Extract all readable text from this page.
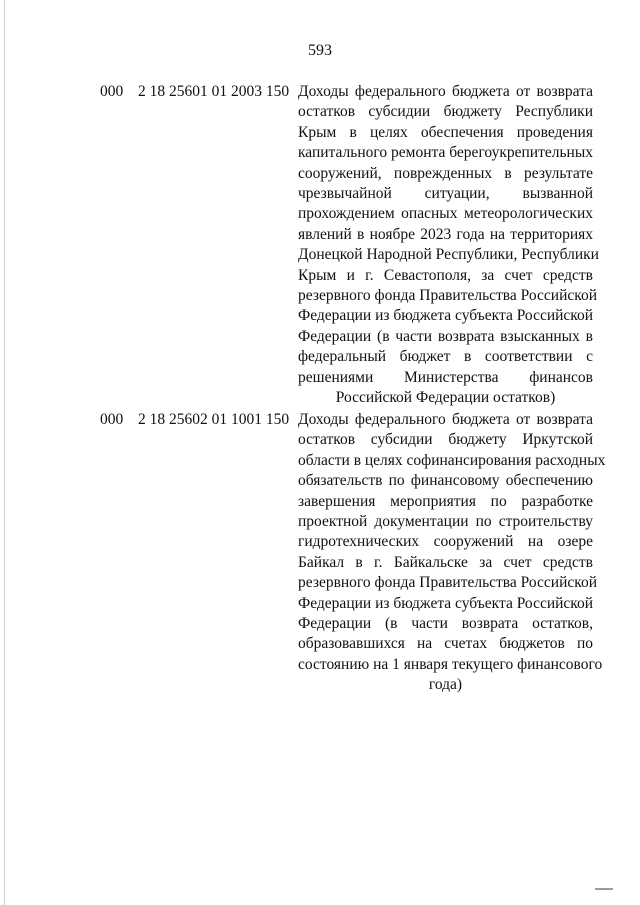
593
000 2 18 25601 01 2003 150 Доходы федерального бюджета от возврата
остатков субсидии бюджету Республики
Крым в целях обеспечения проведения
капитального ремонта берегоукрепительных
сооружений, поврежденных в результате
чрезвычайной ситуации, вызванной
прохождением опасных метеорологических
явлений в ноябре 2023 года на территориях
Донецкой Народной Республики, Республики
Крым и г. Севастополя, за счет средств
резервного фонда Правительства Российской
Федерации из бюджета субъекта Российской
Федерации (в части возврата взысканных в
федеральный бюджет в соответствии с
решениями Министерства финансов
Российской Федерации остатков)
000 2 18 25602 01 1001 150 Доходы федерального бюджета от возврата
остатков субсидии бюджету Иркутской
области в целях софинансирования расходных
обязательств по финансовому обеспечению
завершения мероприятия по разработке
проектной документации по строительству
гидротехнических сооружений на озере
Байкал в г. Байкальске за счет средств
резервного фонда Правительства Российской
Федерации из бюджета субъекта Российской
Федерации (в части возврата остатков,
образовавшихся на счетах бюджетов по
состоянию на 1 января текущего финансового
года)
